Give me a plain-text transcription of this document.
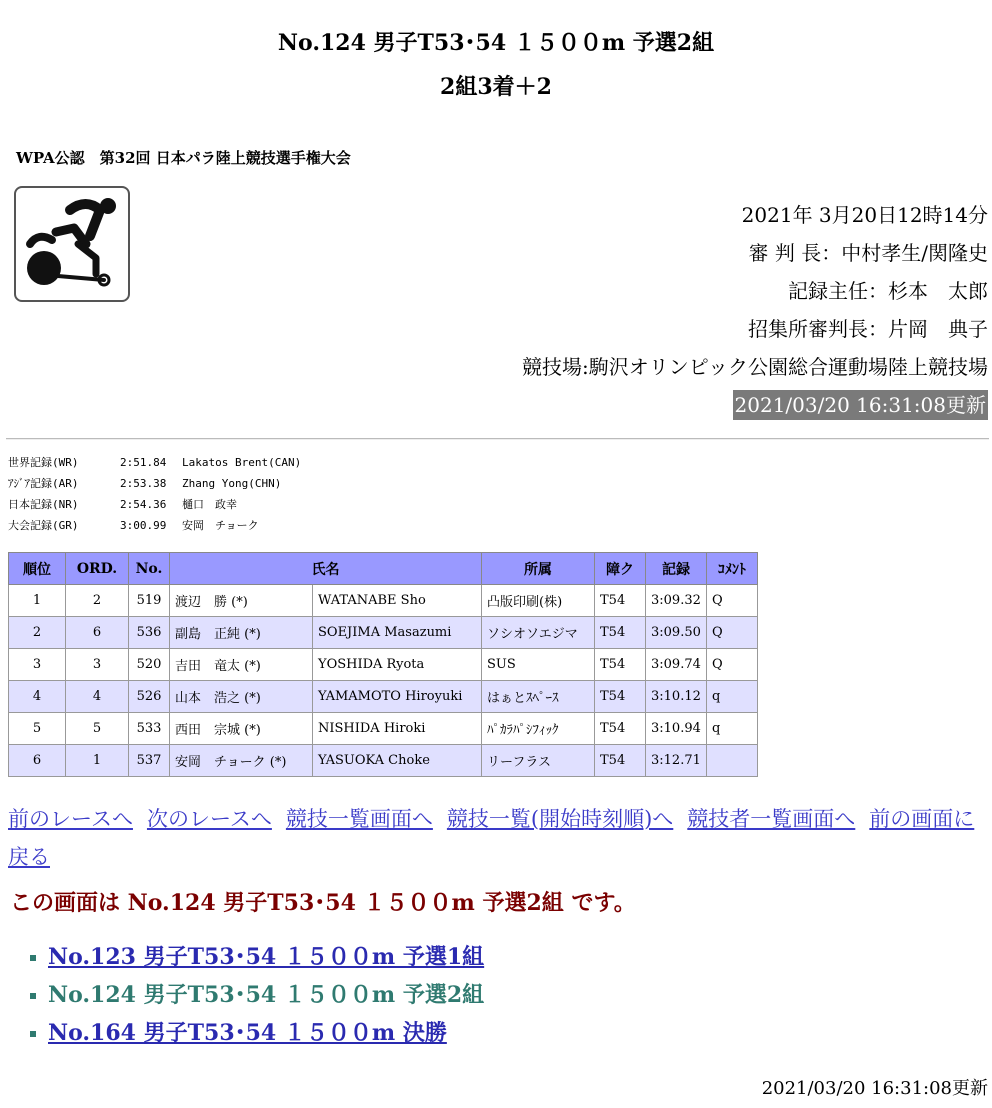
No.124 男子T53･54 １５００m 予選2組
2組3着＋2
WPA公認　第32回 日本パラ陸上競技選手権大会
2021年 3月20日12時14分
審 判 長：中村孝生/関隆史
記録主任：杉本　太郎
招集所審判長：片岡　典子
競技場:駒沢オリンピック公園総合運動場陸上競技場
2021/03/20 16:31:08更新
世界記録(WR)	2:51.84 Lakatos Brent(CAN)
ｱｼﾞｱ記録(AR)	2:53.38 Zhang Yong(CHN)
日本記録(NR)	2:54.36 樋口　政幸
大会記録(GR)	3:00.99 安岡　チョーク
順位	ORD.	No.	氏名		所属	障ク	記録	ｺﾒﾝﾄ
1	2	519	渡辺　勝 (*)	WATANABE Sho	凸版印刷(株)	T54	3:09.32	Q
2	6	536	副島　正純 (*)	SOEJIMA Masazumi	ソシオソエジマ	T54	3:09.50	Q
3	3	520	吉田　竜太 (*)	YOSHIDA Ryota	SUS	T54	3:09.74	Q
4	4	526	山本　浩之 (*)	YAMAMOTO Hiroyuki	はぁとｽﾍﾟｰｽ	T54	3:10.12	q
5	5	533	西田　宗城 (*)	NISHIDA Hiroki	ﾊﾟｶﾗﾊﾟｼﾌｨｯｸ	T54	3:10.94	q
6	1	537	安岡　チョーク (*)	YASUOKA Choke	リーフラス	T54	3:12.71	
前のレースへ 次のレースへ 競技一覧画面へ 競技一覧(開始時刻順)へ 競技者一覧画面へ 前の画面に戻る
この画面は No.124 男子T53･54 １５００m 予選2組 です。
No.123 男子T53･54 １５００m 予選1組
No.124 男子T53･54 １５００m 予選2組
No.164 男子T53･54 １５００m 決勝
2021/03/20 16:31:08更新
